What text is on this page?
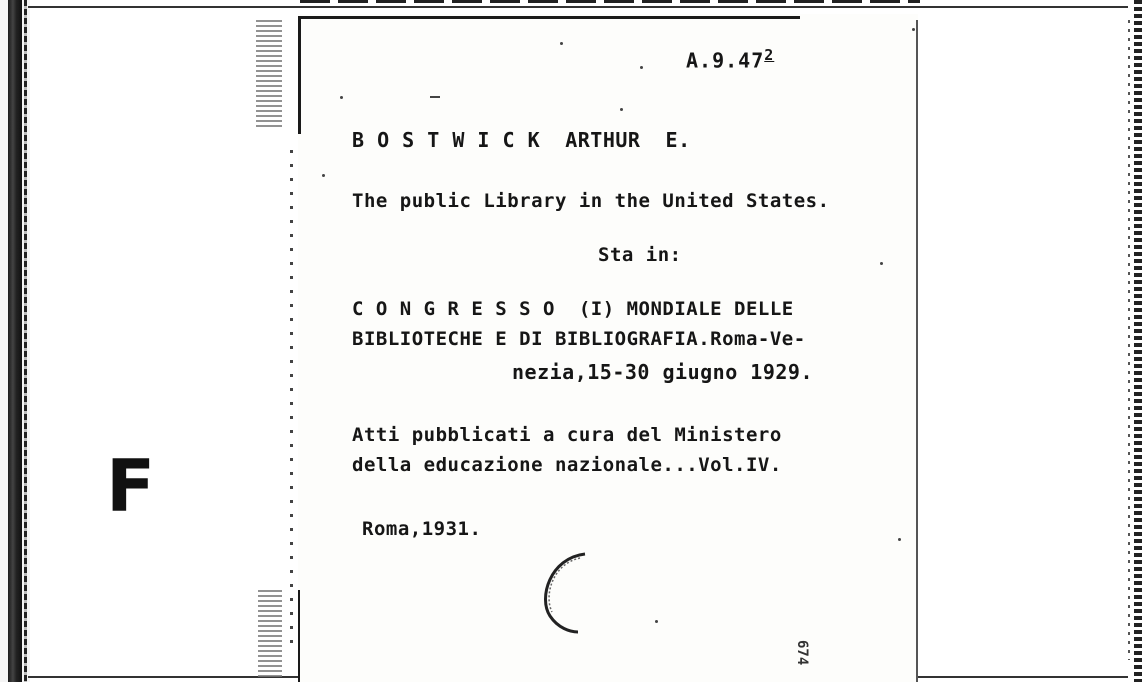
F
A.9.47$^2$
B O S T W I C K  ARTHUR  E.
The public Library in the United States.
Sta in:
C O N G R E S S O  (I) MONDIALE DELLE
BIBLIOTECHE E DI BIBLIOGRAFIA.Roma-Ve-
nezia,15-30 giugno 1929.
Atti pubblicati a cura del Ministero
della educazione nazionale...Vol.IV.
Roma,1931.
674
